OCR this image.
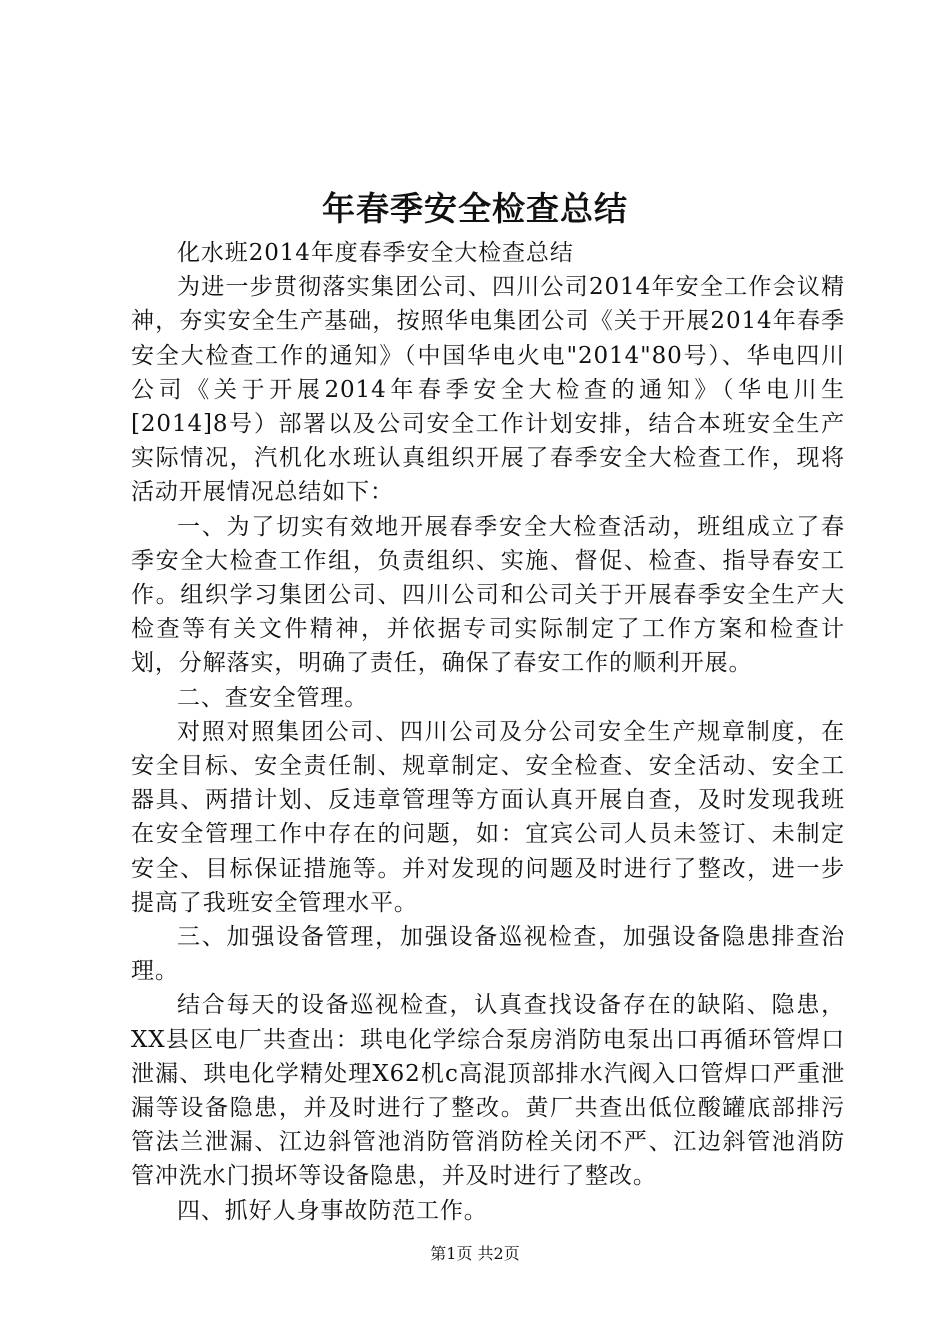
年春季安全检查总结

化水班2014年度春季安全大检查总结

为进一步贯彻落实集团公司、四川公司2014年安全工作会议精神，夯实安全生产基础，按照华电集团公司《关于开展2014年春季安全大检查工作的通知》（中国华电火电"2014"80号）、华电四川公司《关于开展2014年春季安全大检查的通知》（华电川生[2014]8号）部署以及公司安全工作计划安排，结合本班安全生产实际情况，汽机化水班认真组织开展了春季安全大检查工作，现将活动开展情况总结如下：

一、为了切实有效地开展春季安全大检查活动，班组成立了春季安全大检查工作组，负责组织、实施、督促、检查、指导春安工作。组织学习集团公司、四川公司和公司关于开展春季安全生产大检查等有关文件精神，并依据专司实际制定了工作方案和检查计划，分解落实，明确了责任，确保了春安工作的顺利开展。

二、查安全管理。

对照对照集团公司、四川公司及分公司安全生产规章制度，在安全目标、安全责任制、规章制定、安全检查、安全活动、安全工器具、两措计划、反违章管理等方面认真开展自查，及时发现我班在安全管理工作中存在的问题，如：宜宾公司人员未签订、未制定安全、目标保证措施等。并对发现的问题及时进行了整改，进一步提高了我班安全管理水平。

三、加强设备管理，加强设备巡视检查，加强设备隐患排查治理。

结合每天的设备巡视检查，认真查找设备存在的缺陷、隐患，XX县区电厂共查出：珙电化学综合泵房消防电泵出口再循环管焊口泄漏、珙电化学精处理X62机c高混顶部排水汽阀入口管焊口严重泄漏等设备隐患，并及时进行了整改。黄厂共查出低位酸罐底部排污管法兰泄漏、江边斜管池消防管消防栓关闭不严、江边斜管池消防管冲洗水门损坏等设备隐患，并及时进行了整改。

四、抓好人身事故防范工作。

第1页 共2页
